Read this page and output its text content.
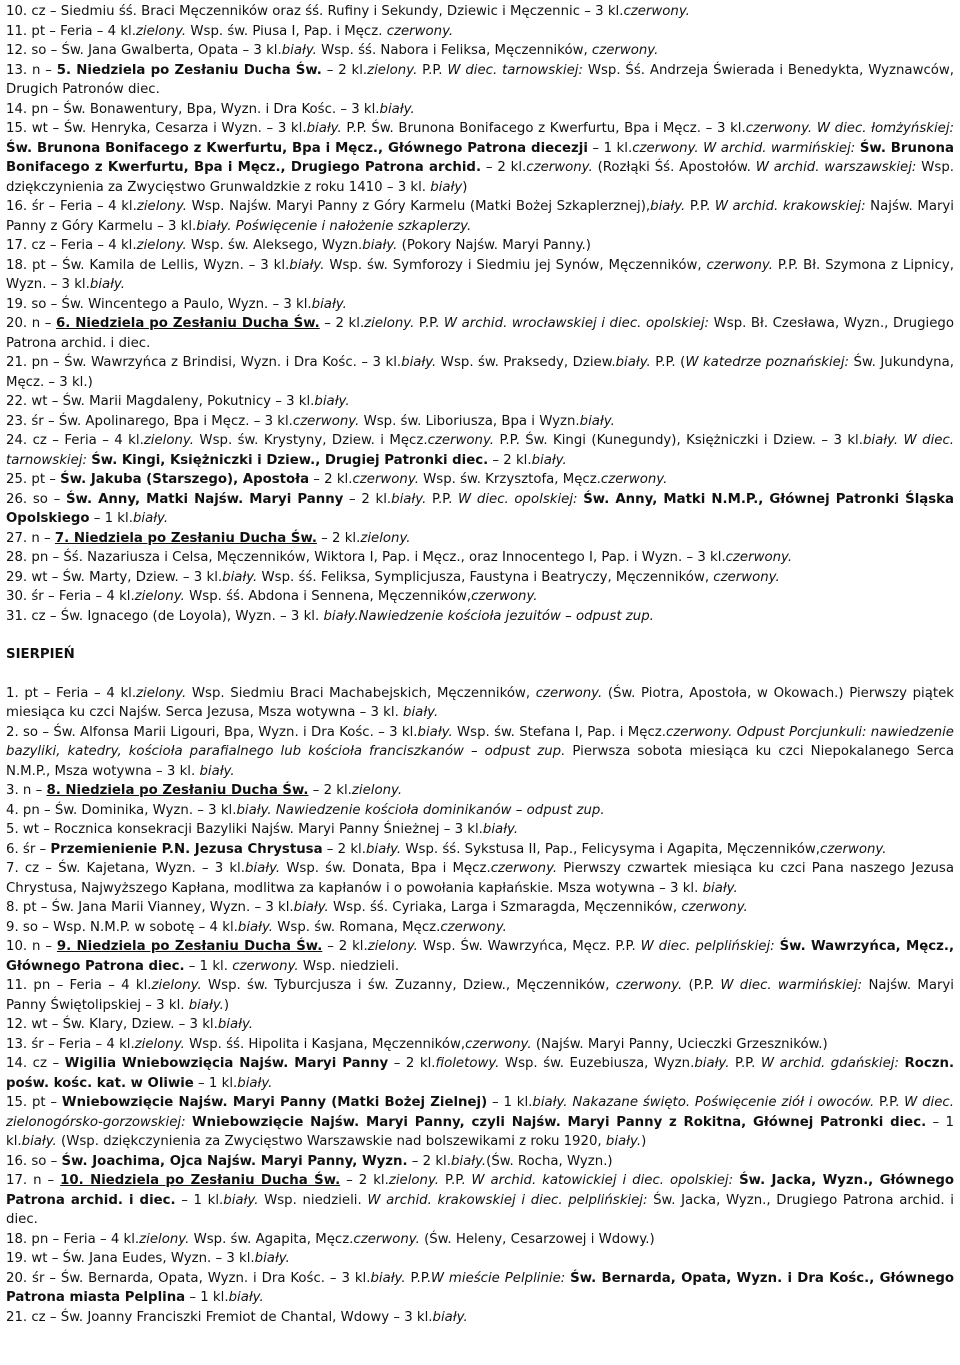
10. cz – Siedmiu śś. Braci Męczenników oraz śś. Rufiny i Sekundy, Dziewic i Męczennic – 3 kl.czerwony.
11. pt – Feria – 4 kl.zielony. Wsp. św. Piusa I, Pap. i Męcz. czerwony.
12. so – Św. Jana Gwalberta, Opata – 3 kl.biały. Wsp. śś. Nabora i Feliksa, Męczenników, czerwony.
13. n – 5. Niedziela po Zesłaniu Ducha Św. – 2 kl.zielony. P.P. W diec. tarnowskiej: Wsp. Śś. Andrzeja Świerada i Benedykta, Wyznawców, Drugich Patronów diec.
14. pn – Św. Bonawentury, Bpa, Wyzn. i Dra Kośc. – 3 kl.biały.
15. wt – Św. Henryka, Cesarza i Wyzn. – 3 kl.biały. P.P. Św. Brunona Bonifacego z Kwerfurtu, Bpa i Męcz. – 3 kl.czerwony. W diec. łomżyńskiej: Św. Brunona Bonifacego z Kwerfurtu, Bpa i Męcz., Głównego Patrona diecezji – 1 kl.czerwony. W archid. warmińskiej: Św. Brunona Bonifacego z Kwerfurtu, Bpa i Męcz., Drugiego Patrona archid. – 2 kl.czerwony. (Rozłąki Śś. Apostołów. W archid. warszawskiej: Wsp. dziękczynienia za Zwycięstwo Grunwaldzkie z roku 1410 – 3 kl. biały)
16. śr – Feria – 4 kl.zielony. Wsp. Najśw. Maryi Panny z Góry Karmelu (Matki Bożej Szkaplerznej),biały. P.P. W archid. krakowskiej: Najśw. Maryi Panny z Góry Karmelu – 3 kl.biały. Poświęcenie i nałożenie szkaplerzy.
17. cz – Feria – 4 kl.zielony. Wsp. św. Aleksego, Wyzn.biały. (Pokory Najśw. Maryi Panny.)
18. pt – Św. Kamila de Lellis, Wyzn. – 3 kl.biały. Wsp. św. Symforozy i Siedmiu jej Synów, Męczenników, czerwony. P.P. Bł. Szymona z Lipnicy, Wyzn. – 3 kl.biały.
19. so – Św. Wincentego a Paulo, Wyzn. – 3 kl.biały.
20. n – 6. Niedziela po Zesłaniu Ducha Św. – 2 kl.zielony. P.P. W archid. wrocławskiej i diec. opolskiej: Wsp. Bł. Czesława, Wyzn., Drugiego Patrona archid. i diec.
21. pn – Św. Wawrzyńca z Brindisi, Wyzn. i Dra Kośc. – 3 kl.biały. Wsp. św. Praksedy, Dziew.biały. P.P. (W katedrze poznańskiej: Św. Jukundyna, Męcz. – 3 kl.)
22. wt – Św. Marii Magdaleny, Pokutnicy – 3 kl.biały.
23. śr – Św. Apolinarego, Bpa i Męcz. – 3 kl.czerwony. Wsp. św. Liboriusza, Bpa i Wyzn.biały.
24. cz – Feria – 4 kl.zielony. Wsp. św. Krystyny, Dziew. i Męcz.czerwony. P.P. Św. Kingi (Kunegundy), Księżniczki i Dziew. – 3 kl.biały. W diec. tarnowskiej: Św. Kingi, Księżniczki i Dziew., Drugiej Patronki diec. – 2 kl.biały.
25. pt – Św. Jakuba (Starszego), Apostoła – 2 kl.czerwony. Wsp. św. Krzysztofa, Męcz.czerwony.
26. so – Św. Anny, Matki Najśw. Maryi Panny – 2 kl.biały. P.P. W diec. opolskiej: Św. Anny, Matki N.M.P., Głównej Patronki Śląska Opolskiego – 1 kl.biały.
27. n – 7. Niedziela po Zesłaniu Ducha Św. – 2 kl.zielony.
28. pn – Śś. Nazariusza i Celsa, Męczenników, Wiktora I, Pap. i Męcz., oraz Innocentego I, Pap. i Wyzn. – 3 kl.czerwony.
29. wt – Św. Marty, Dziew. – 3 kl.biały. Wsp. śś. Feliksa, Symplicjusza, Faustyna i Beatryczy, Męczenników, czerwony.
30. śr – Feria – 4 kl.zielony. Wsp. śś. Abdona i Sennena, Męczenników,czerwony.
31. cz – Św. Ignacego (de Loyola), Wyzn. – 3 kl. biały.Nawiedzenie kościoła jezuitów – odpust zup.
SIERPIEŃ
1. pt – Feria – 4 kl.zielony. Wsp. Siedmiu Braci Machabejskich, Męczenników, czerwony. (Św. Piotra, Apostoła, w Okowach.) Pierwszy piątek miesiąca ku czci Najśw. Serca Jezusa, Msza wotywna – 3 kl. biały.
2. so – Św. Alfonsa Marii Ligouri, Bpa, Wyzn. i Dra Kośc. – 3 kl.biały. Wsp. św. Stefana I, Pap. i Męcz.czerwony. Odpust Porcjunkuli: nawiedzenie bazyliki, katedry, kościoła parafialnego lub kościoła franciszkanów – odpust zup. Pierwsza sobota miesiąca ku czci Niepokalanego Serca N.M.P., Msza wotywna – 3 kl. biały.
3. n – 8. Niedziela po Zesłaniu Ducha Św. – 2 kl.zielony.
4. pn – Św. Dominika, Wyzn. – 3 kl.biały. Nawiedzenie kościoła dominikanów – odpust zup.
5. wt – Rocznica konsekracji Bazyliki Najśw. Maryi Panny Śnieżnej – 3 kl.biały.
6. śr – Przemienienie P.N. Jezusa Chrystusa – 2 kl.biały. Wsp. śś. Sykstusa II, Pap., Felicysyma i Agapita, Męczenników,czerwony.
7. cz – Św. Kajetana, Wyzn. – 3 kl.biały. Wsp. św. Donata, Bpa i Męcz.czerwony. Pierwszy czwartek miesiąca ku czci Pana naszego Jezusa Chrystusa, Najwyższego Kapłana, modlitwa za kapłanów i o powołania kapłańskie. Msza wotywna – 3 kl. biały.
8. pt – Św. Jana Marii Vianney, Wyzn. – 3 kl.biały. Wsp. śś. Cyriaka, Larga i Szmaragda, Męczenników, czerwony.
9. so – Wsp. N.M.P. w sobotę – 4 kl.biały. Wsp. św. Romana, Męcz.czerwony.
10. n – 9. Niedziela po Zesłaniu Ducha Św. – 2 kl.zielony. Wsp. Św. Wawrzyńca, Męcz. P.P. W diec. pelplińskiej: Św. Wawrzyńca, Męcz., Głównego Patrona diec. – 1 kl. czerwony. Wsp. niedzieli.
11. pn – Feria – 4 kl.zielony. Wsp. św. Tyburcjusza i św. Zuzanny, Dziew., Męczenników, czerwony. (P.P. W diec. warmińskiej: Najśw. Maryi Panny Świętolipskiej – 3 kl. biały.)
12. wt – Św. Klary, Dziew. – 3 kl.biały.
13. śr – Feria – 4 kl.zielony. Wsp. śś. Hipolita i Kasjana, Męczenników,czerwony. (Najśw. Maryi Panny, Ucieczki Grzeszników.)
14. cz – Wigilia Wniebowzięcia Najśw. Maryi Panny – 2 kl.fioletowy. Wsp. św. Euzebiusza, Wyzn.biały. P.P. W archid. gdańskiej: Roczn. pośw. kośc. kat. w Oliwie – 1 kl.biały.
15. pt – Wniebowzięcie Najśw. Maryi Panny (Matki Bożej Zielnej) – 1 kl.biały. Nakazane święto. Poświęcenie ziół i owoców. P.P. W diec. zielonogórsko-gorzowskiej: Wniebowzięcie Najśw. Maryi Panny, czyli Najśw. Maryi Panny z Rokitna, Głównej Patronki diec. – 1 kl.biały. (Wsp. dziękczynienia za Zwycięstwo Warszawskie nad bolszewikami z roku 1920, biały.)
16. so – Św. Joachima, Ojca Najśw. Maryi Panny, Wyzn. – 2 kl.biały.(Św. Rocha, Wyzn.)
17. n – 10. Niedziela po Zesłaniu Ducha Św. – 2 kl.zielony. P.P. W archid. katowickiej i diec. opolskiej: Św. Jacka, Wyzn., Głównego Patrona archid. i diec. – 1 kl.biały. Wsp. niedzieli. W archid. krakowskiej i diec. pelplińskiej: Św. Jacka, Wyzn., Drugiego Patrona archid. i diec.
18. pn – Feria – 4 kl.zielony. Wsp. św. Agapita, Męcz.czerwony. (Św. Heleny, Cesarzowej i Wdowy.)
19. wt – Św. Jana Eudes, Wyzn. – 3 kl.biały.
20. śr – Św. Bernarda, Opata, Wyzn. i Dra Kośc. – 3 kl.biały. P.P.W mieście Pelplinie: Św. Bernarda, Opata, Wyzn. i Dra Kośc., Głównego Patrona miasta Pelplina – 1 kl.biały.
21. cz – Św. Joanny Franciszki Fremiot de Chantal, Wdowy – 3 kl.biały.
